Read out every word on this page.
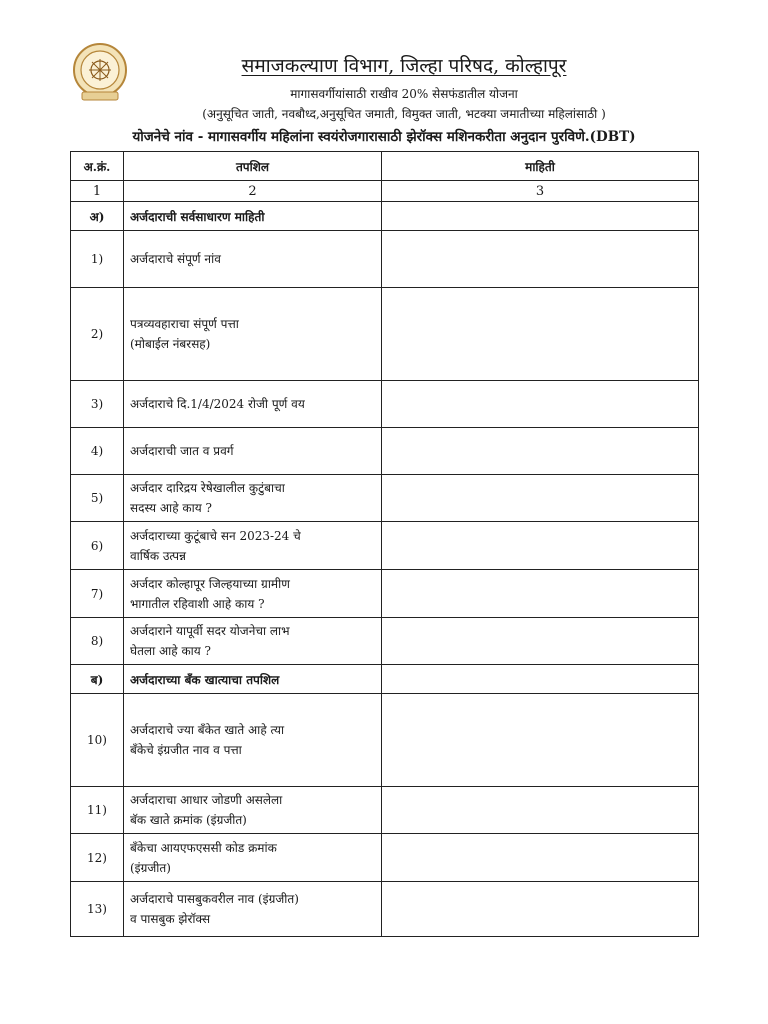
समाजकल्याण विभाग, जिल्हा परिषद, कोल्हापूर
मागासवर्गीयांसाठी राखीव 20% सेसफंडातील योजना
(अनुसूचित जाती, नवबौध्द,अनुसूचित जमाती, विमुक्त जाती, भटक्या जमातीच्या महिलांसाठी )
योजनेचे नांव - मागासवर्गीय महिलांना स्वयंरोजगारासाठी झेरॉक्स मशिनकरीता अनुदान पुरविणे.(DBT)
अ.क्रं.	तपशिल	माहिती
1	2	3
अ)	अर्जदाराची सर्वसाधारण माहिती	
1)	अर्जदाराचे संपूर्ण नांव	

2)	पत्रव्यवहाराचा संपूर्ण पत्ता
(मोबाईल नंबरसह)	

3)	अर्जदाराचे दि.1/4/2024 रोजी पूर्ण वय	

4)	अर्जदाराची जात व प्रवर्ग	

5)	अर्जदार दारिद्रय रेषेखालील कुटुंबाचा
सदस्य आहे काय ?	

6)	अर्जदाराच्या कुटूंबाचे सन 2023-24 चे
वार्षिक उत्पन्न	

7)	अर्जदार कोल्हापूर जिल्हयाच्या ग्रामीण
भागातील रहिवाशी आहे काय ?	

8)	अर्जदाराने यापूर्वी सदर योजनेचा लाभ
घेतला आहे काय ?	

ब)	अर्जदाराच्या बँक खात्याचा तपशिल	
10)	अर्जदाराचे ज्या बँकेत खाते आहे त्या
बँकेचे इंग्रजीत नाव व पत्ता	

11)	अर्जदाराचा आधार जोडणी असलेला
बॅक खाते क्रमांक (इंग्रजीत)	

12)	बँकेचा आयएफएससी कोड क्रमांक
(इंग्रजीत)	

13)	अर्जदाराचे पासबुकवरील नाव (इंग्रजीत)
व पासबुक झेरॉक्स	
